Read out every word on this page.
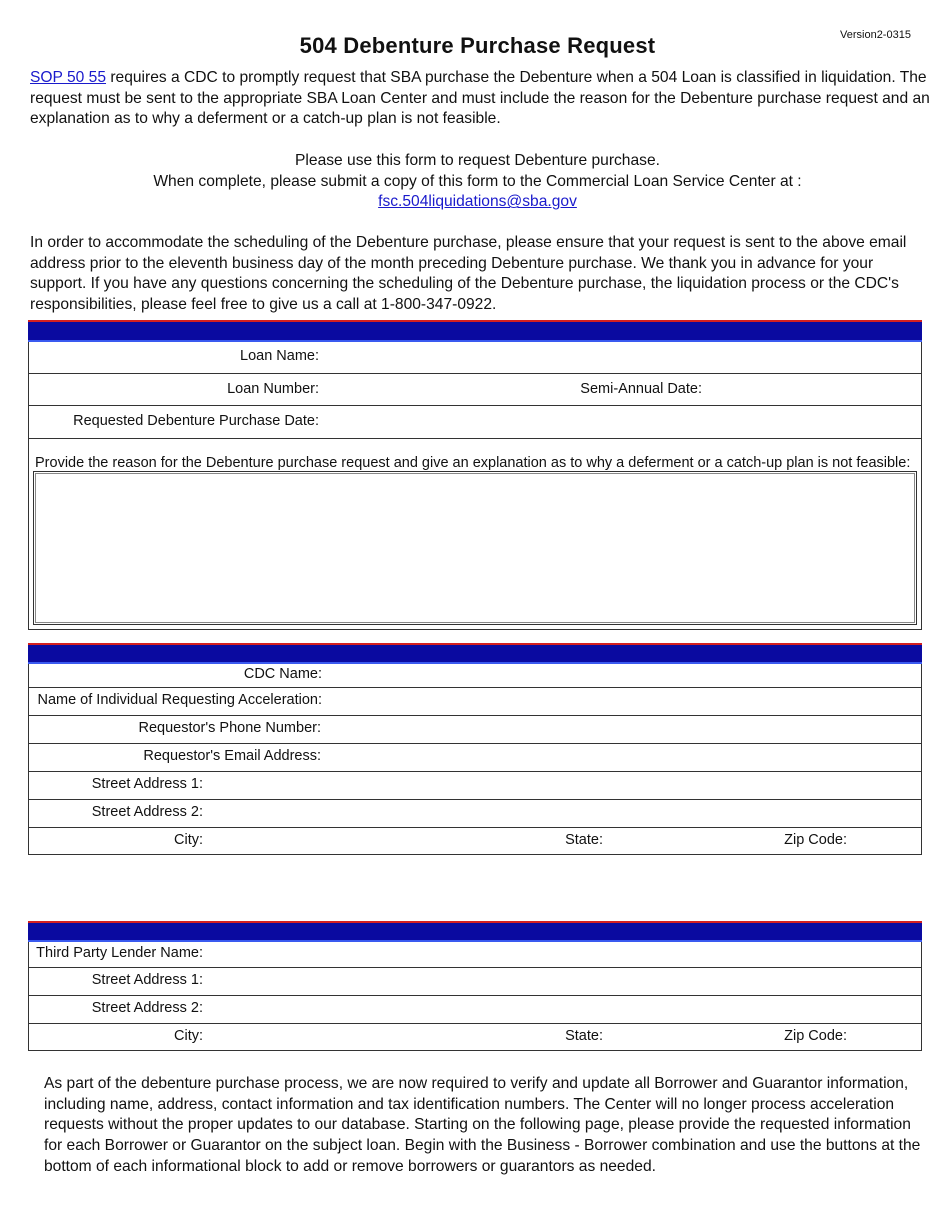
Version2-0315
504 Debenture Purchase Request
SOP 50 55 requires a CDC to promptly request that SBA purchase the Debenture when a 504 Loan is classified in liquidation. The request must be sent to the appropriate SBA Loan Center and must include the reason for the Debenture purchase request and an explanation as to why a deferment or a catch-up plan is not feasible.
Please use this form to request Debenture purchase.
When complete, please submit a copy of this form to the Commercial Loan Service Center at :
fsc.504liquidations@sba.gov
In order to accommodate the scheduling of the Debenture purchase, please ensure that your request is sent to the above email address prior to the eleventh business day of the month preceding Debenture purchase. We thank you in advance for your support. If you have any questions concerning the scheduling of the Debenture purchase, the liquidation process or the CDC's responsibilities, please feel free to give us a call at 1-800-347-0922.
Loan Name:
Loan Number:	Semi-Annual Date:
Requested Debenture Purchase Date:
Provide the reason for the Debenture purchase request and give an explanation as to why a deferment or a catch-up plan is not feasible:
CDC Name:
Name of Individual Requesting Acceleration:
Requestor's Phone Number:
Requestor's Email Address:
Street Address 1:
Street Address 2:
City:	State:	Zip Code:
Third Party Lender Name:
Street Address 1:
Street Address 2:
City:	State:	Zip Code:
As part of the debenture purchase process, we are now required to verify and update all Borrower and Guarantor information, including name, address, contact information and tax identification numbers. The Center will no longer process acceleration requests without the proper updates to our database. Starting on the following page, please provide the requested information for each Borrower or Guarantor on the subject loan. Begin with the Business - Borrower combination and use the buttons at the bottom of each informational block to add or remove borrowers or guarantors as needed.
